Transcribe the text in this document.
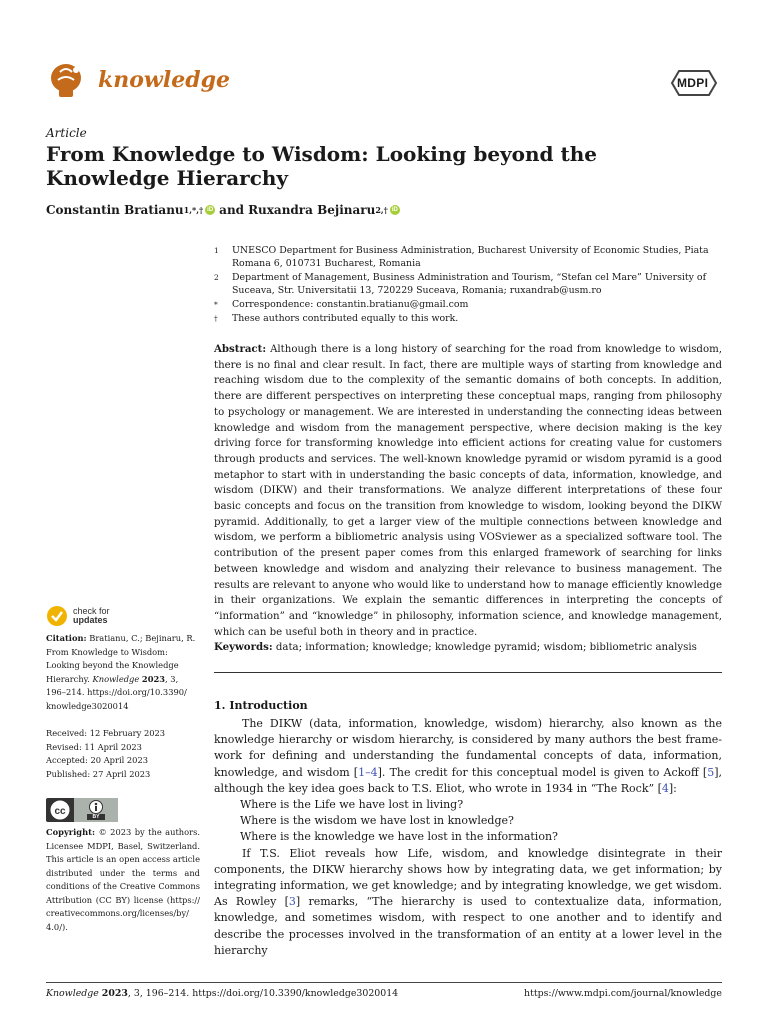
knowledge	MDPI
Article
From Knowledge to Wisdom: Looking beyond the Knowledge Hierarchy
Constantin Bratianu 1,*,† iD and Ruxandra Bejinaru 2,† iD
1	UNESCO Department for Business Administration, Bucharest University of Economic Studies, Piata Romana 6, 010731 Bucharest, Romania
2	Department of Management, Business Administration and Tourism, “Stefan cel Mare” University of Suceava, Str. Universitatii 13, 720229 Suceava, Romania; ruxandrab@usm.ro
*	Correspondence: constantin.bratianu@gmail.com
†	These authors contributed equally to this work.
Abstract: Although there is a long history of searching for the road from knowledge to wisdom, there is no final and clear result. In fact, there are multiple ways of starting from knowledge and reaching wisdom due to the complexity of the semantic domains of both concepts. In addition, there are different perspectives on interpreting these conceptual maps, ranging from philosophy to psychology or management. We are interested in understanding the connecting ideas between knowledge and wisdom from the management perspective, where decision making is the key driving force for transforming knowledge into efficient actions for creating value for customers through products and services. The well-known knowledge pyramid or wisdom pyramid is a good metaphor to start with in understanding the basic concepts of data, information, knowledge, and wisdom (DIKW) and their transformations. We analyze different interpretations of these four basic concepts and focus on the transition from knowledge to wisdom, looking beyond the DIKW pyramid. Additionally, to get a larger view of the multiple connections between knowledge and wisdom, we perform a bibliometric analysis using VOSviewer as a specialized software tool. The contribution of the present paper comes from this enlarged framework of searching for links between knowledge and wisdom and analyzing their relevance to business management. The results are relevant to anyone who would like to understand how to manage efficiently knowledge in their organizations. We explain the semantic differences in interpreting the concepts of “information” and “knowledge” in philosophy, information science, and knowledge management, which can be useful both in theory and in practice.
Keywords: data; information; knowledge; knowledge pyramid; wisdom; bibliometric analysis
1. Introduction

The DIKW (data, information, knowledge, wisdom) hierarchy, also known as the knowledge hierarchy or wisdom hierarchy, is considered by many authors the best frame-work for defining and understanding the fundamental concepts of data, information, knowledge, and wisdom [1–4]. The credit for this conceptual model is given to Ackoff [5], although the key idea goes back to T.S. Eliot, who wrote in 1934 in “The Rock” [4]:

Where is the Life we have lost in living?

Where is the wisdom we have lost in knowledge?

Where is the knowledge we have lost in the information?

If T.S. Eliot reveals how Life, wisdom, and knowledge disintegrate in their components, the DIKW hierarchy shows how by integrating data, we get information; by integrating information, we get knowledge; and by integrating knowledge, we get wisdom. As Rowley [3] remarks, “The hierarchy is used to contextualize data, information, knowledge, and sometimes wisdom, with respect to one another and to identify and describe the processes involved in the transformation of an entity at a lower level in the hierarchy

check for
updates

Citation: Bratianu, C.; Bejinaru, R. From Knowledge to Wisdom: Looking beyond the Knowledge Hierarchy. Knowledge 2023, 3, 196–214. https://doi.org/10.3390/ knowledge3020014

Received: 12 February 2023

Revised: 11 April 2023

Accepted: 20 April 2023

Published: 27 April 2023

cc	BY

Copyright: © 2023 by the authors. Licensee MDPI, Basel, Switzerland. This article is an open access article distributed under the terms and conditions of the Creative Commons Attribution (CC BY) license (https:// creativecommons.org/licenses/by/ 4.0/).

Knowledge 2023, 3, 196–214. https://doi.org/10.3390/knowledge3020014	https://www.mdpi.com/journal/knowledge
